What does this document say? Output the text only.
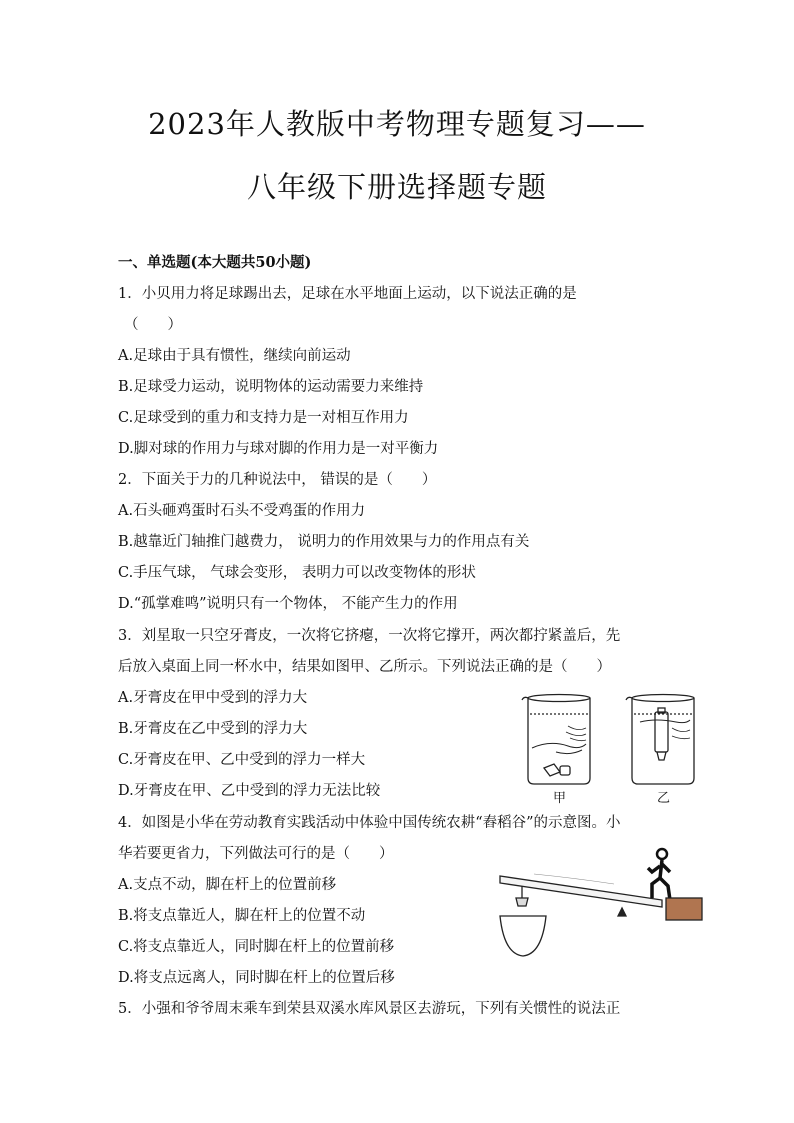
2023年人教版中考物理专题复习——
八年级下册选择题专题
一、单选题(本大题共50小题)
1．小贝用力将足球踢出去，足球在水平地面上运动，以下说法正确的是
（　　）
A.足球由于具有惯性，继续向前运动
B.足球受力运动，说明物体的运动需要力来维持
C.足球受到的重力和支持力是一对相互作用力
D.脚对球的作用力与球对脚的作用力是一对平衡力
2．下面关于力的几种说法中， 错误的是（　　）
A.石头砸鸡蛋时石头不受鸡蛋的作用力
B.越靠近门轴推门越费力， 说明力的作用效果与力的作用点有关
C.手压气球， 气球会变形， 表明力可以改变物体的形状
D.“孤掌难鸣”说明只有一个物体， 不能产生力的作用
3．刘星取一只空牙膏皮，一次将它挤瘪，一次将它撑开，两次都拧紧盖后，先
后放入桌面上同一杯水中，结果如图甲、乙所示。下列说法正确的是（　　）
A.牙膏皮在甲中受到的浮力大
B.牙膏皮在乙中受到的浮力大
C.牙膏皮在甲、乙中受到的浮力一样大
D.牙膏皮在甲、乙中受到的浮力无法比较	甲	乙
4．如图是小华在劳动教育实践活动中体验中国传统农耕“舂稻谷”的示意图。小
华若要更省力，下列做法可行的是（　　）
A.支点不动，脚在杆上的位置前移
B.将支点靠近人，脚在杆上的位置不动
C.将支点靠近人，同时脚在杆上的位置前移
D.将支点远离人，同时脚在杆上的位置后移
5．小强和爷爷周末乘车到荣县双溪水库风景区去游玩，下列有关惯性的说法正
